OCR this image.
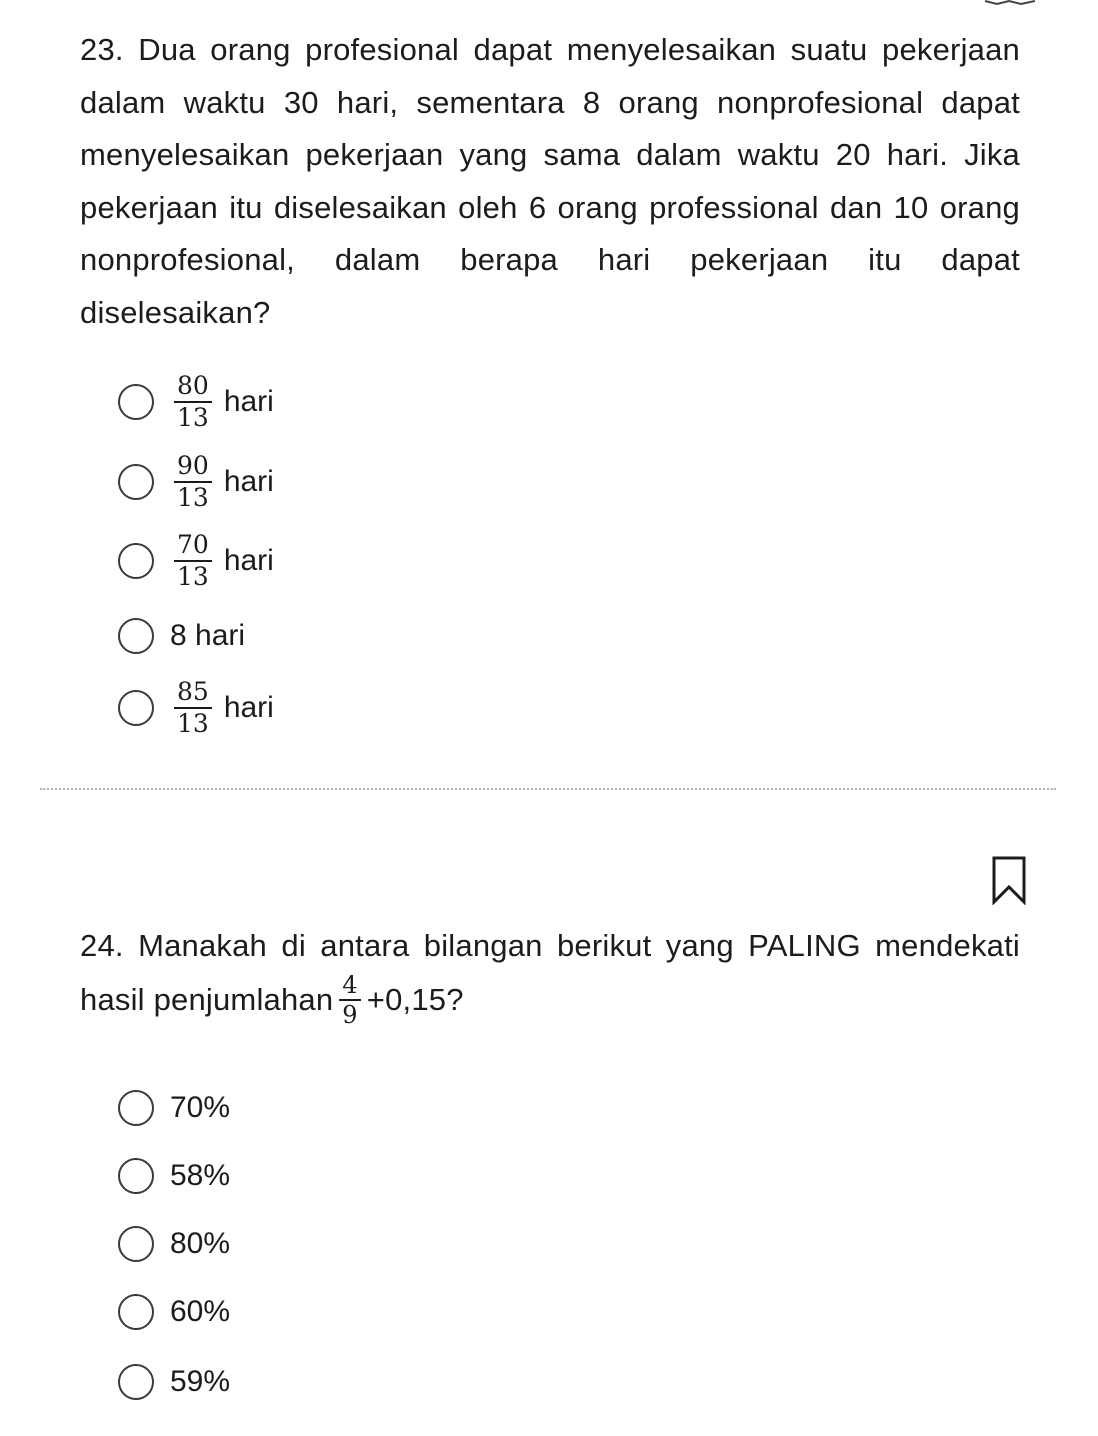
23. Dua orang profesional dapat menyelesaikan suatu pekerjaan dalam waktu 30 hari, sementara 8 orang nonprofesional dapat menyelesaikan pekerjaan yang sama dalam waktu 20 hari. Jika pekerjaan itu diselesaikan oleh 6 orang professional dan 10 orang nonprofesional, dalam berapa hari pekerjaan itu dapat diselesaikan?

$\frac{80}{13}$ hari
$\frac{90}{13}$ hari
$\frac{70}{13}$ hari
8 hari
$\frac{85}{13}$ hari

24. Manakah di antara bilangan berikut yang PALING mendekati hasil penjumlahan $\frac{4}{9} +0,15$?

70%
58%
80%
60%
59%
